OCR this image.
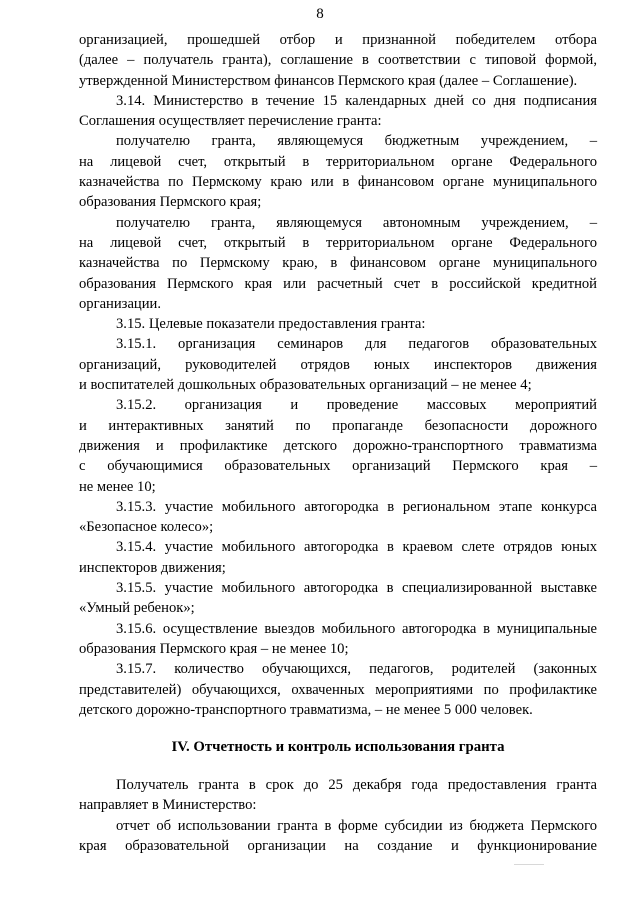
8
организацией, прошедшей отбор и признанной победителем отбора
(далее – получатель гранта), соглашение в соответствии с типовой формой,
утвержденной Министерством финансов Пермского края (далее – Соглашение).
3.14. Министерство в течение 15 календарных дней со дня подписания
Соглашения осуществляет перечисление гранта:
получателю гранта, являющемуся бюджетным учреждением, –
на лицевой счет, открытый в территориальном органе Федерального
казначейства по Пермскому краю или в финансовом органе муниципального
образования Пермского края;
получателю гранта, являющемуся автономным учреждением, –
на лицевой счет, открытый в территориальном органе Федерального
казначейства по Пермскому краю, в финансовом органе муниципального
образования Пермского края или расчетный счет в российской кредитной
организации.
3.15. Целевые показатели предоставления гранта:
3.15.1. организация семинаров для педагогов образовательных
организаций, руководителей отрядов юных инспекторов движения
и воспитателей дошкольных образовательных организаций – не менее 4;
3.15.2. организация и проведение массовых мероприятий
и интерактивных занятий по пропаганде безопасности дорожного
движения и профилактике детского дорожно-транспортного травматизма
с обучающимися образовательных организаций Пермского края –
не менее 10;
3.15.3. участие мобильного автогородка в региональном этапе конкурса
«Безопасное колесо»;
3.15.4. участие мобильного автогородка в краевом слете отрядов юных
инспекторов движения;
3.15.5. участие мобильного автогородка в специализированной выставке
«Умный ребенок»;
3.15.6. осуществление выездов мобильного автогородка в муниципальные
образования Пермского края – не менее 10;
3.15.7. количество обучающихся, педагогов, родителей (законных
представителей) обучающихся, охваченных мероприятиями по профилактике
детского дорожно-транспортного травматизма, – не менее 5 000 человек.
IV. Отчетность и контроль использования гранта
Получатель гранта в срок до 25 декабря года предоставления гранта
направляет в Министерство:
отчет об использовании гранта в форме субсидии из бюджета Пермского
края образовательной организации на создание и функционирование
